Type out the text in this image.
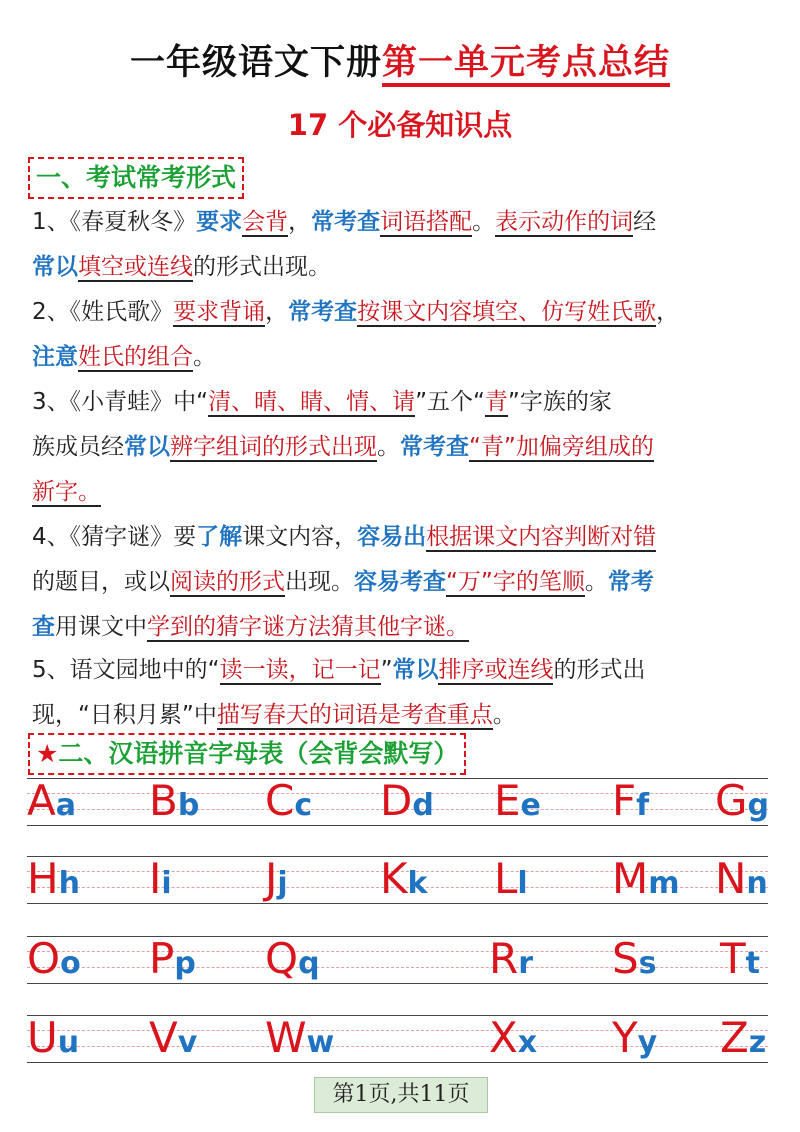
一年级语文下册第一单元考点总结
17 个必备知识点
一、考试常考形式
1、《春夏秋冬》要求会背，常考查词语搭配。表示动作的词经
常以填空或连线的形式出现。
2、《姓氏歌》要求背诵，常考查按课文内容填空、仿写姓氏歌，
注意姓氏的组合。
3、《小青蛙》中“清、晴、睛、情、请”五个“青”字族的家
族成员经常以辨字组词的形式出现。常考查“青”加偏旁组成的
新字。
4、《猜字谜》要了解课文内容，容易出根据课文内容判断对错
的题目，或以阅读的形式出现。容易考查“万”字的笔顺。常考
查用课文中学到的猜字谜方法猜其他字谜。
5、语文园地中的“读一读，记一记”常以排序或连线的形式出
现，“日积月累”中描写春天的词语是考查重点。
★二、汉语拼音字母表（会背会默写）
Aa Bb Cc Dd Ee Ff Gg
Hh Ii Jj Kk Ll Mm Nn
Oo Pp Qq	Rr Ss Tt
Uu Vv Ww	Xx Yy Zz
第1页,共11页
